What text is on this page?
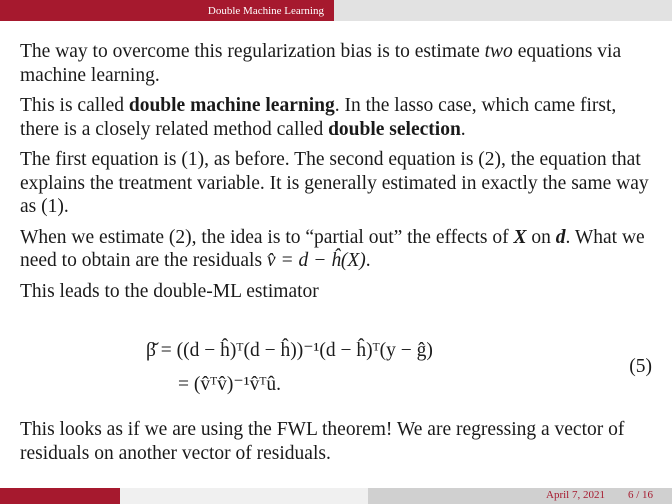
Double Machine Learning

The way to overcome this regularization bias is to estimate two equations via machine learning.

This is called double machine learning. In the lasso case, which came first, there is a closely related method called double selection.

The first equation is (1), as before. The second equation is (2), the equation that explains the treatment variable. It is generally estimated in exactly the same way as (1).

When we estimate (2), the idea is to “partial out” the effects of X on d. What we need to obtain are the residuals v̂ = d − ĥ(X).

This leads to the double-ML estimator

β̆ = ((d − ĥ)ᵀ(d − ĥ))⁻¹(d − ĥ)ᵀ(y − ĝ)
= (v̂ᵀv̂)⁻¹v̂ᵀû.
(5)

This looks as if we are using the FWL theorem! We are regressing a vector of residuals on another vector of residuals.

April 7, 2021 6 / 16
